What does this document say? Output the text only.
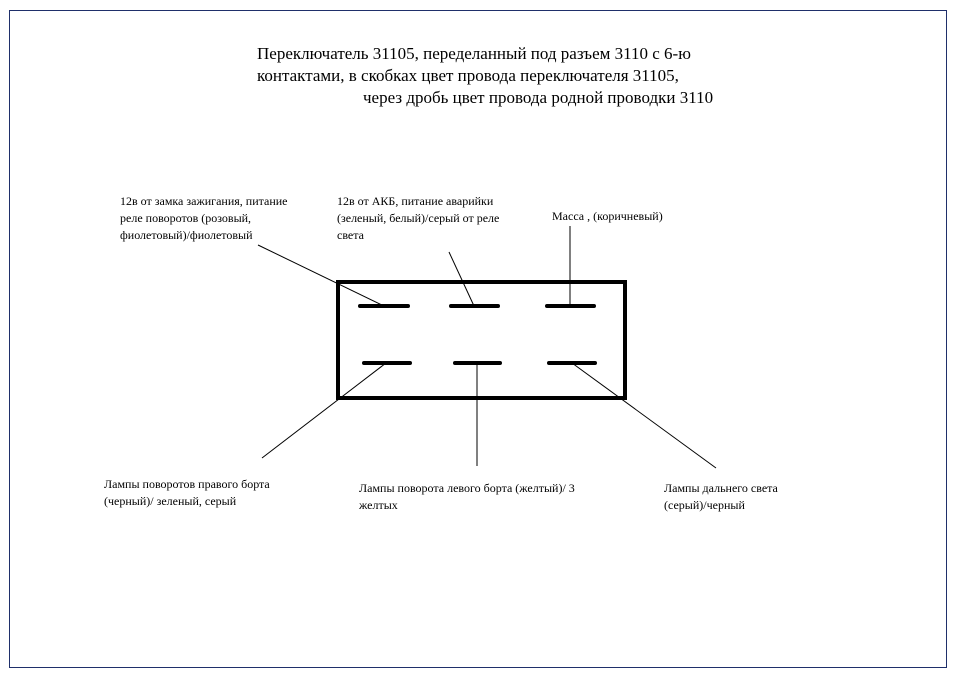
Переключатель 31105, переделанный под разъем 3110 с 6-ю
контактами, в скобках цвет провода переключателя 31105,
через дробь цвет провода родной проводки 3110
12в от замка зажигания, питание
реле поворотов (розовый,
фиолетовый)/фиолетовый
12в от АКБ, питание аварийки
(зеленый, белый)/серый от реле
света
Масса , (коричневый)
Лампы поворотов правого борта
(черный)/ зеленый, серый
Лампы поворота левого борта (желтый)/ 3
желтых
Лампы дальнего света
(серый)/черный
